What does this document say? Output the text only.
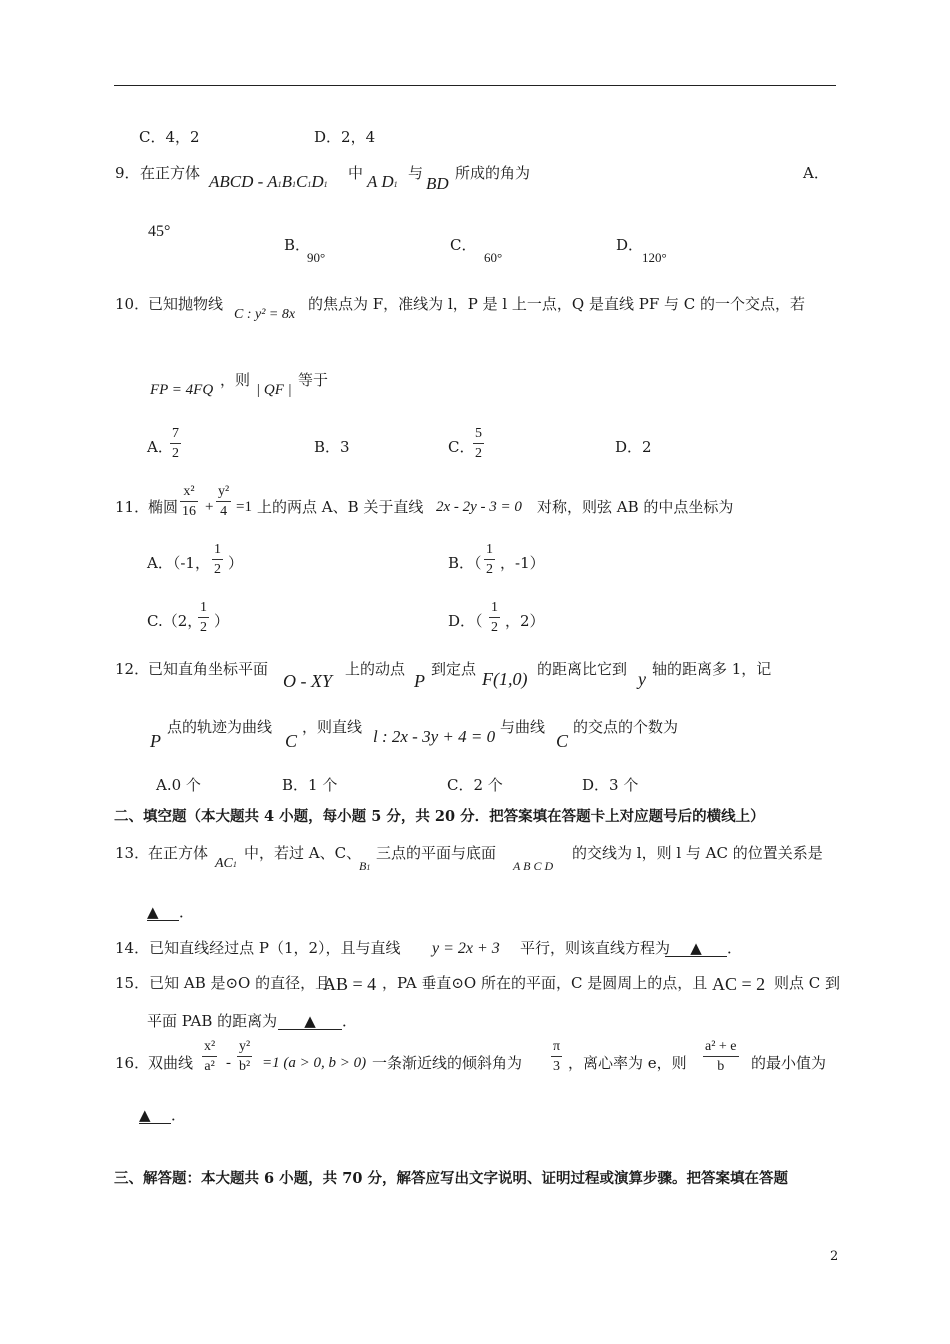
C．4，2	D．2，4
9． 在正方体 ABCD - A1B1C1D1
中 A D1
与
BD
所成的角为	A．
45°
B．
90°
C．
60°
D．
120°
10．
已知抛物线
C : y² = 8x
的焦点为 F，准线为 l，P 是 l 上一点，Q 是直线 PF 与 C 的一个交点，若
FP = 4FQ
，则
| QF |
等于
A．
$\frac{7}{2}$	B．3	C．
$\frac{5}{2}$	D．2
11．
椭圆 $\frac{\text{x²}}{16} + \frac{\text{y²}}{4} =1$ 上的两点 A、B 关于直线 2x - 2y - 3 = 0 对称，则弦 AB 的中点坐标为
A．（-1， $\frac{1}{2}$ ）	B．（ $\frac{1}{2}$ ，-1）
C.（2，
$\frac{1}{2}$ ）	D．（ $\frac{1}{2}$ ，2）
12．
已知直角坐标平面
O - XY
上的动点
P
到定点 F(1,0) 的距离比它到 y 轴的距离多 1，记
P
点的轨迹为曲线
C
，则直线 l : 2x - 3y + 4 = 0 与曲线
C
的交点的个数为
A.0 个	B．1 个	C．2 个	D．3 个
二、填空题（本大题共 4 小题，每小题 5 分，共 20 分．把答案填在答题卡上对应题号后的横线上）
13．
在正方体
AC1
中，若过 A、C、
B1
三点的平面与底面
A B C D
的交线为 l，则 l 与 AC 的位置关系是
▲ ．
14．已知直线经过点 P（1，2），且与直线 y = 2x + 3 平行，则该直线方程为	▲ ．
15．已知 AB 是⊙O 的直径，且
AB = 4 ，PA 垂直⊙O 所在的平面，C 是圆周上的点，且 AC = 2 则点 C 到
平面 PAB 的距离为	▲ ．
16．
双曲线 $\frac{\text{x²}}{\text{a²}} - \frac{\text{y²}}{\text{b²}} =1$ (a > 0, b > 0) 一条渐近线的倾斜角为 $\frac{\pi}{3}$ ，离心率为 e，则 $\frac{\text{a² + e}}{b}$ 的最小值为
▲ ．
三、解答题：本大题共 6 小题，共 70 分，解答应写出文字说明、证明过程或演算步骤。把答案填在答题
2
